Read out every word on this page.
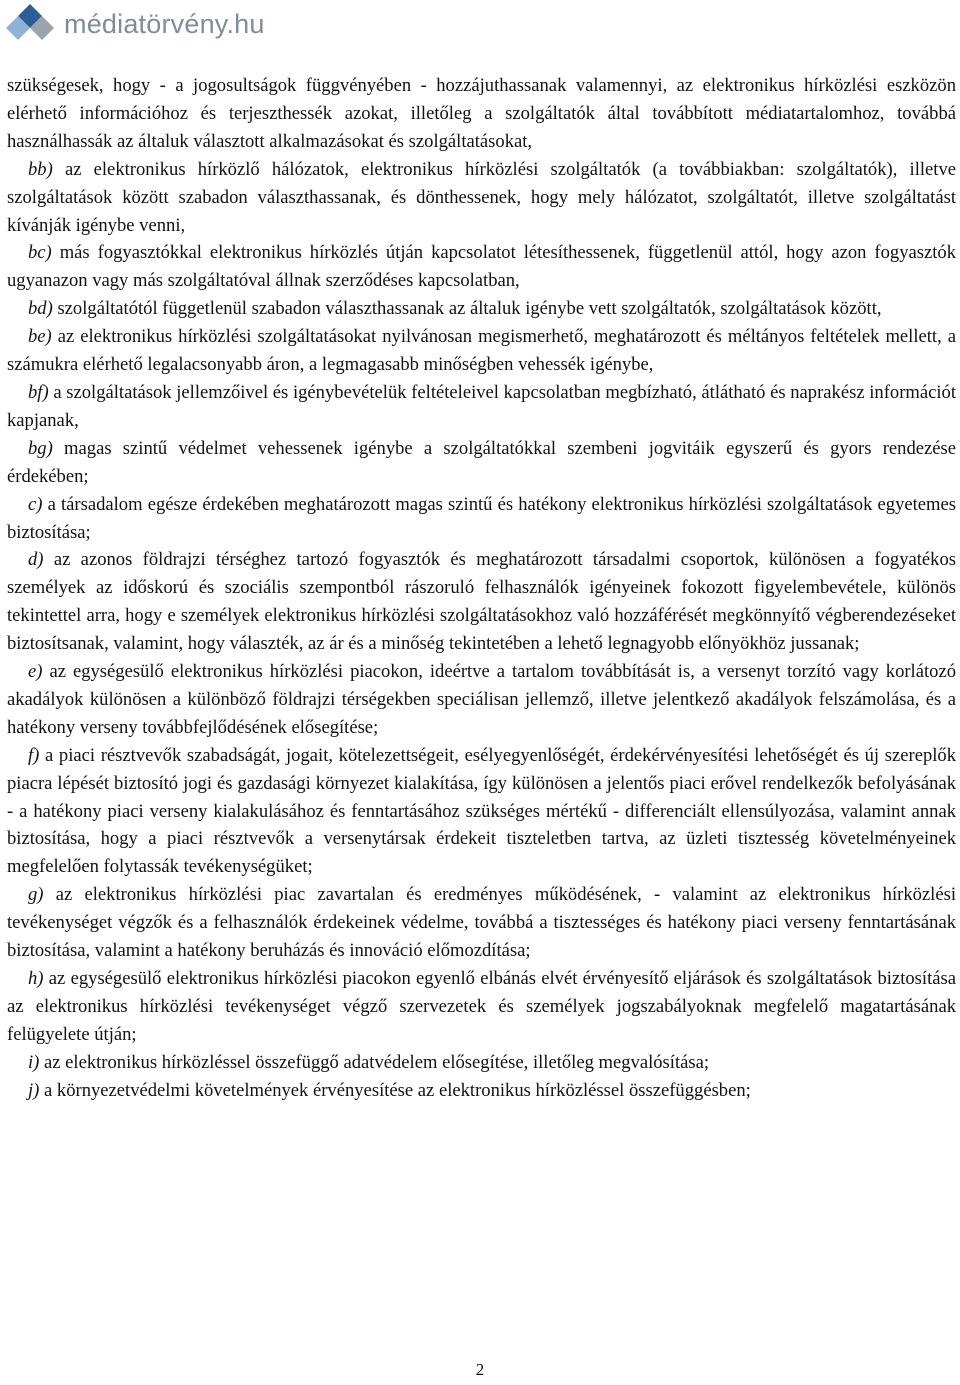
médiatörvény.hu

szükségesek, hogy - a jogosultságok függvényében - hozzájuthassanak valamennyi, az elektronikus hírközlési eszközön elérhető információhoz és terjeszthessék azokat, illetőleg a szolgáltatók által továbbított médiatartalomhoz, továbbá használhassák az általuk választott alkalmazásokat és szolgáltatásokat,

bb) az elektronikus hírközlő hálózatok, elektronikus hírközlési szolgáltatók (a továbbiakban: szolgáltatók), illetve szolgáltatások között szabadon választhassanak, és dönthessenek, hogy mely hálózatot, szolgáltatót, illetve szolgáltatást kívánják igénybe venni,

bc) más fogyasztókkal elektronikus hírközlés útján kapcsolatot létesíthessenek, függetlenül attól, hogy azon fogyasztók ugyanazon vagy más szolgáltatóval állnak szerződéses kapcsolatban,

bd) szolgáltatótól függetlenül szabadon választhassanak az általuk igénybe vett szolgáltatók, szolgáltatások között,

be) az elektronikus hírközlési szolgáltatásokat nyilvánosan megismerhető, meghatározott és méltányos feltételek mellett, a számukra elérhető legalacsonyabb áron, a legmagasabb minőségben vehessék igénybe,

bf) a szolgáltatások jellemzőivel és igénybevételük feltételeivel kapcsolatban megbízható, átlátható és naprakész információt kapjanak,

bg) magas szintű védelmet vehessenek igénybe a szolgáltatókkal szembeni jogvitáik egyszerű és gyors rendezése érdekében;

c) a társadalom egésze érdekében meghatározott magas szintű és hatékony elektronikus hírközlési szolgáltatások egyetemes biztosítása;

d) az azonos földrajzi térséghez tartozó fogyasztók és meghatározott társadalmi csoportok, különösen a fogyatékos személyek az időskorú és szociális szempontból rászoruló felhasználók igényeinek fokozott figyelembevétele, különös tekintettel arra, hogy e személyek elektronikus hírközlési szolgáltatásokhoz való hozzáférését megkönnyítő végberendezéseket biztosítsanak, valamint, hogy választék, az ár és a minőség tekintetében a lehető legnagyobb előnyökhöz jussanak;

e) az egységesülő elektronikus hírközlési piacokon, ideértve a tartalom továbbítását is, a versenyt torzító vagy korlátozó akadályok különösen a különböző földrajzi térségekben speciálisan jellemző, illetve jelentkező akadályok felszámolása, és a hatékony verseny továbbfejlődésének elősegítése;

f) a piaci résztvevők szabadságát, jogait, kötelezettségeit, esélyegyenlőségét, érdekérvényesítési lehetőségét és új szereplők piacra lépését biztosító jogi és gazdasági környezet kialakítása, így különösen a jelentős piaci erővel rendelkezők befolyásának - a hatékony piaci verseny kialakulásához és fenntartásához szükséges mértékű - differenciált ellensúlyozása, valamint annak biztosítása, hogy a piaci résztvevők a versenytársak érdekeit tiszteletben tartva, az üzleti tisztesség követelményeinek megfelelően folytassák tevékenységüket;

g) az elektronikus hírközlési piac zavartalan és eredményes működésének, - valamint az elektronikus hírközlési tevékenységet végzők és a felhasználók érdekeinek védelme, továbbá a tisztességes és hatékony piaci verseny fenntartásának biztosítása, valamint a hatékony beruházás és innováció előmozdítása;

h) az egységesülő elektronikus hírközlési piacokon egyenlő elbánás elvét érvényesítő eljárások és szolgáltatások biztosítása az elektronikus hírközlési tevékenységet végző szervezetek és személyek jogszabályoknak megfelelő magatartásának felügyelete útján;

i) az elektronikus hírközléssel összefüggő adatvédelem elősegítése, illetőleg megvalósítása;

j) a környezetvédelmi követelmények érvényesítése az elektronikus hírközléssel összefüggésben;

2
